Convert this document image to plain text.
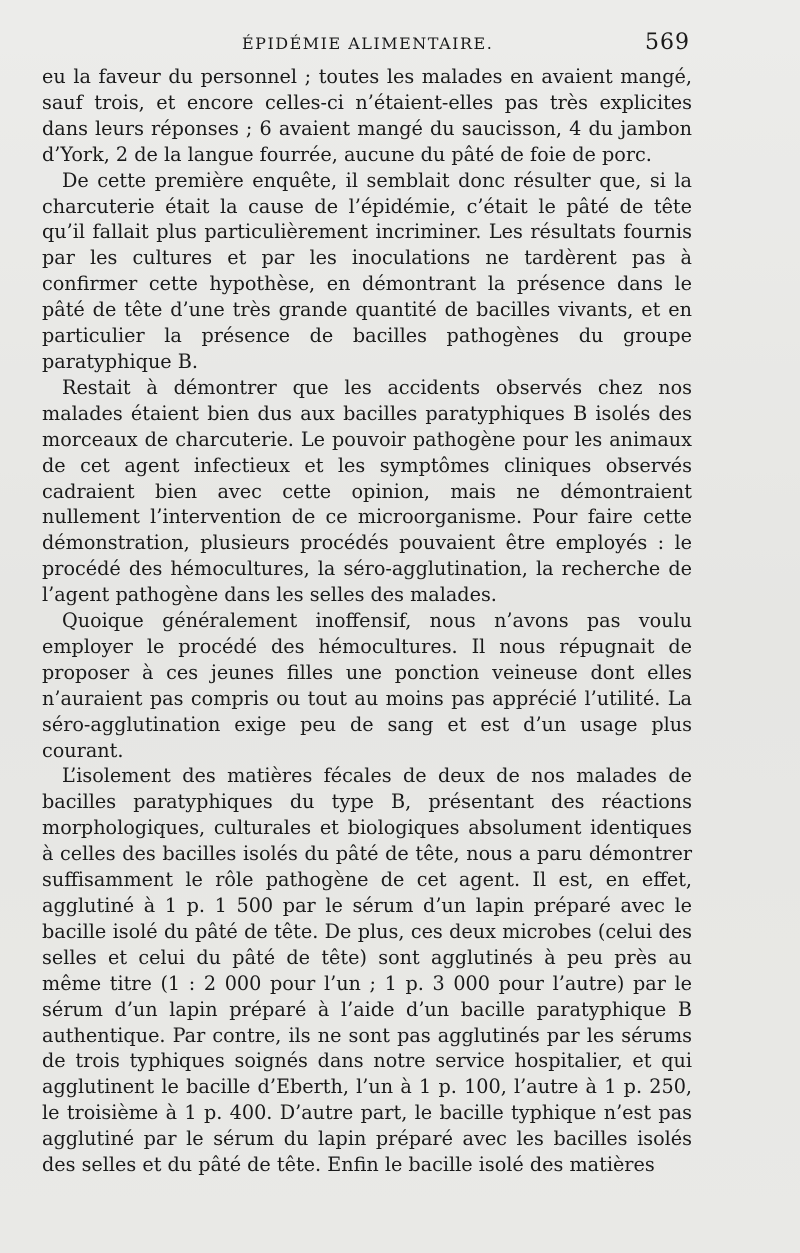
ÉPIDÉMIE ALIMENTAIRE.	569

eu la faveur du personnel ; toutes les malades en avaient mangé, sauf trois, et encore celles-ci n’étaient-elles pas très explicites dans leurs réponses ; 6 avaient mangé du saucisson, 4 du jambon d’York, 2 de la langue fourrée, aucune du pâté de foie de porc.

De cette première enquête, il semblait donc résulter que, si la charcuterie était la cause de l’épidémie, c’était le pâté de tête qu’il fallait plus particulièrement incriminer. Les résultats fournis par les cultures et par les inoculations ne tardèrent pas à confirmer cette hypothèse, en démontrant la présence dans le pâté de tête d’une très grande quantité de bacilles vivants, et en particulier la présence de bacilles pathogènes du groupe paratyphique B.

Restait à démontrer que les accidents observés chez nos malades étaient bien dus aux bacilles paratyphiques B isolés des morceaux de charcuterie. Le pouvoir pathogène pour les animaux de cet agent infectieux et les symptômes cliniques observés cadraient bien avec cette opinion, mais ne démontraient nullement l’intervention de ce microorganisme. Pour faire cette démonstration, plusieurs procédés pouvaient être employés : le procédé des hémocultures, la séro-agglutination, la recherche de l’agent pathogène dans les selles des malades.

Quoique généralement inoffensif, nous n’avons pas voulu employer le procédé des hémocultures. Il nous répugnait de proposer à ces jeunes filles une ponction veineuse dont elles n’auraient pas compris ou tout au moins pas apprécié l’utilité. La séro-agglutination exige peu de sang et est d’un usage plus courant.

L’isolement des matières fécales de deux de nos malades de bacilles paratyphiques du type B, présentant des réactions morphologiques, culturales et biologiques absolument identiques à celles des bacilles isolés du pâté de tête, nous a paru démontrer suffisamment le rôle pathogène de cet agent. Il est, en effet, agglutiné à 1 p. 1 500 par le sérum d’un lapin préparé avec le bacille isolé du pâté de tête. De plus, ces deux microbes (celui des selles et celui du pâté de tête) sont agglutinés à peu près au même titre (1 : 2 000 pour l’un ; 1 p. 3 000 pour l’autre) par le sérum d’un lapin préparé à l’aide d’un bacille paratyphique B authentique. Par contre, ils ne sont pas agglutinés par les sérums de trois typhiques soignés dans notre service hospitalier, et qui agglutinent le bacille d’Eberth, l’un à 1 p. 100, l’autre à 1 p. 250, le troisième à 1 p. 400. D’autre part, le bacille typhique n’est pas agglutiné par le sérum du lapin préparé avec les bacilles isolés des selles et du pâté de tête. Enfin le bacille isolé des matières
